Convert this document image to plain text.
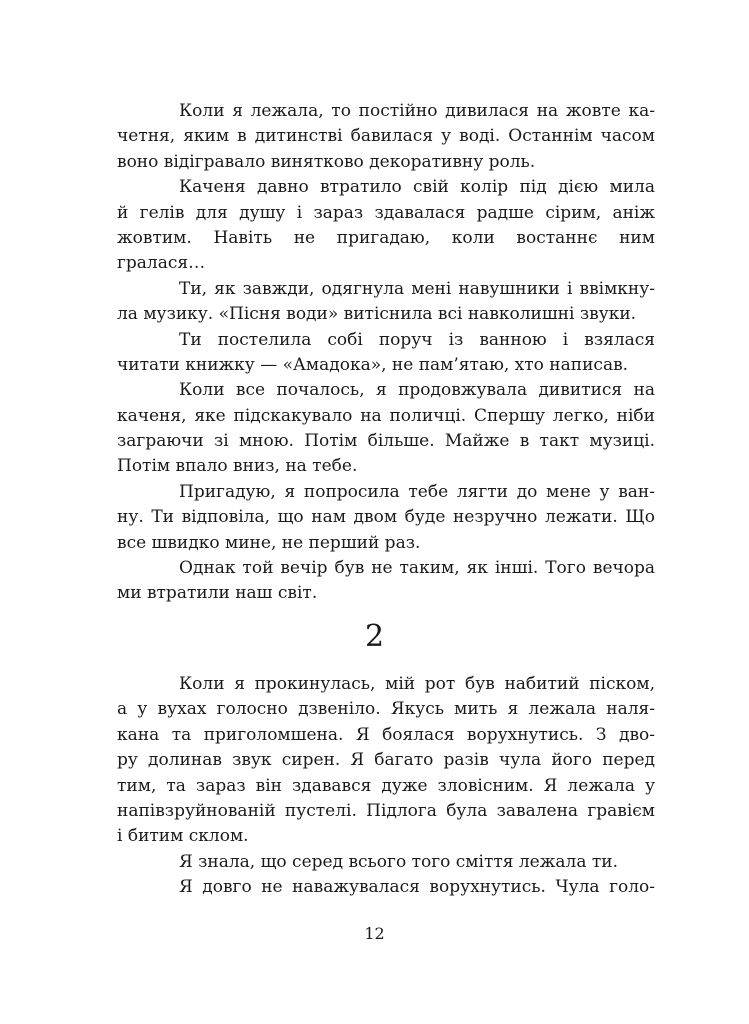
Коли я лежала, то постійно дивилася на жовте ка-
четня, яким в дитинстві бавилася у воді. Останнім часом
воно відігравало винятково декоративну роль.
Каченя давно втратило свій колір під дією мила
й гелів для душу і зараз здавалася радше сірим, аніж
жовтим. Навіть не пригадаю, коли востаннє ним
гралася…
Ти, як завжди, одягнула мені навушники і ввімкну-
ла музику. «Пісня води» витіснила всі навколишні звуки.
Ти постелила собі поруч із ванною і взялася
читати книжку — «Амадока», не пам’ятаю, хто написав.
Коли все почалось, я продовжувала дивитися на
каченя, яке підскакувало на поличці. Спершу легко, ніби
заграючи зі мною. Потім більше. Майже в такт музиці.
Потім впало вниз, на тебе.
Пригадую, я попросила тебе лягти до мене у ван-
ну. Ти відповіла, що нам двом буде незручно лежати. Що
все швидко мине, не перший раз.
Однак той вечір був не таким, як інші. Того вечора
ми втратили наш світ.
2
Коли я прокинулась, мій рот був набитий піском,
а у вухах голосно дзвеніло. Якусь мить я лежала наля-
кана та приголомшена. Я боялася ворухнутись. З дво-
ру долинав звук сирен. Я багато разів чула його перед
тим, та зараз він здавався дуже зловісним. Я лежала у
напівзруйнованій пустелі. Підлога була завалена гравієм
і битим склом.
Я знала, що серед всього того сміття лежала ти.
Я довго не наважувалася ворухнутись. Чула голо-
12
